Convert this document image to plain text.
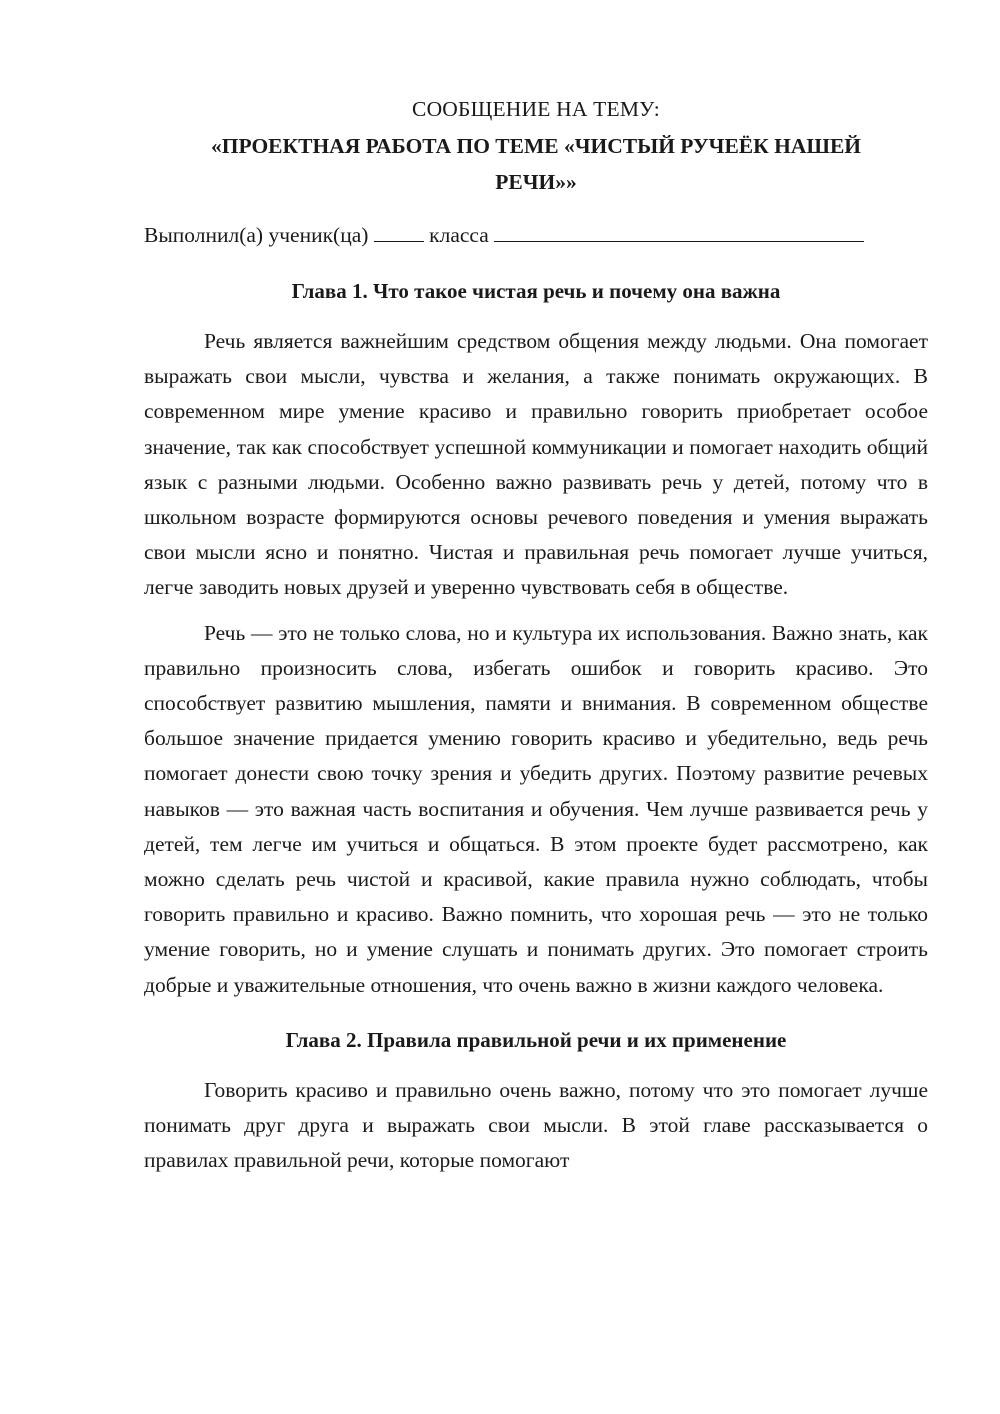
СООБЩЕНИЕ НА ТЕМУ:

«ПРОЕКТНАЯ РАБОТА ПО ТЕМЕ «ЧИСТЫЙ РУЧЕЁК НАШЕЙ РЕЧИ»»

Выполнил(а) ученик(ца)	класса

Глава 1. Что такое чистая речь и почему она важна

Речь является важнейшим средством общения между людьми. Она помогает выражать свои мысли, чувства и желания, а также понимать окружающих. В современном мире умение красиво и правильно говорить приобретает особое значение, так как способствует успешной коммуникации и помогает находить общий язык с разными людьми. Особенно важно развивать речь у детей, потому что в школьном возрасте формируются основы речевого поведения и умения выражать свои мысли ясно и понятно. Чистая и правильная речь помогает лучше учиться, легче заводить новых друзей и уверенно чувствовать себя в обществе.

Речь — это не только слова, но и культура их использования. Важно знать, как правильно произносить слова, избегать ошибок и говорить красиво. Это способствует развитию мышления, памяти и внимания. В современном обществе большое значение придается умению говорить красиво и убедительно, ведь речь помогает донести свою точку зрения и убедить других. Поэтому развитие речевых навыков — это важная часть воспитания и обучения. Чем лучше развивается речь у детей, тем легче им учиться и общаться. В этом проекте будет рассмотрено, как можно сделать речь чистой и красивой, какие правила нужно соблюдать, чтобы говорить правильно и красиво. Важно помнить, что хорошая речь — это не только умение говорить, но и умение слушать и понимать других. Это помогает строить добрые и уважительные отношения, что очень важно в жизни каждого человека.

Глава 2. Правила правильной речи и их применение

Говорить красиво и правильно очень важно, потому что это помогает лучше понимать друг друга и выражать свои мысли. В этой главе рассказывается о правилах правильной речи, которые помогают
